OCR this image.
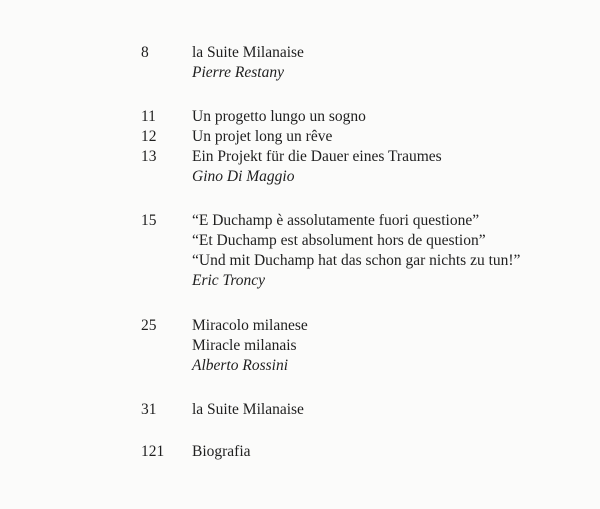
8	la Suite Milanaise
Pierre Restany
11 Un progetto lungo un sogno
12 Un projet long un rêve
13 Ein Projekt für die Dauer eines Traumes
Gino Di Maggio
15 “E Duchamp è assolutamente fuori questione”
“Et Duchamp est absolument hors de question”
“Und mit Duchamp hat das schon gar nichts zu tun!”
Eric Troncy
25 Miracolo milanese
Miracle milanais
Alberto Rossini
31 la Suite Milanaise
121 Biografia
